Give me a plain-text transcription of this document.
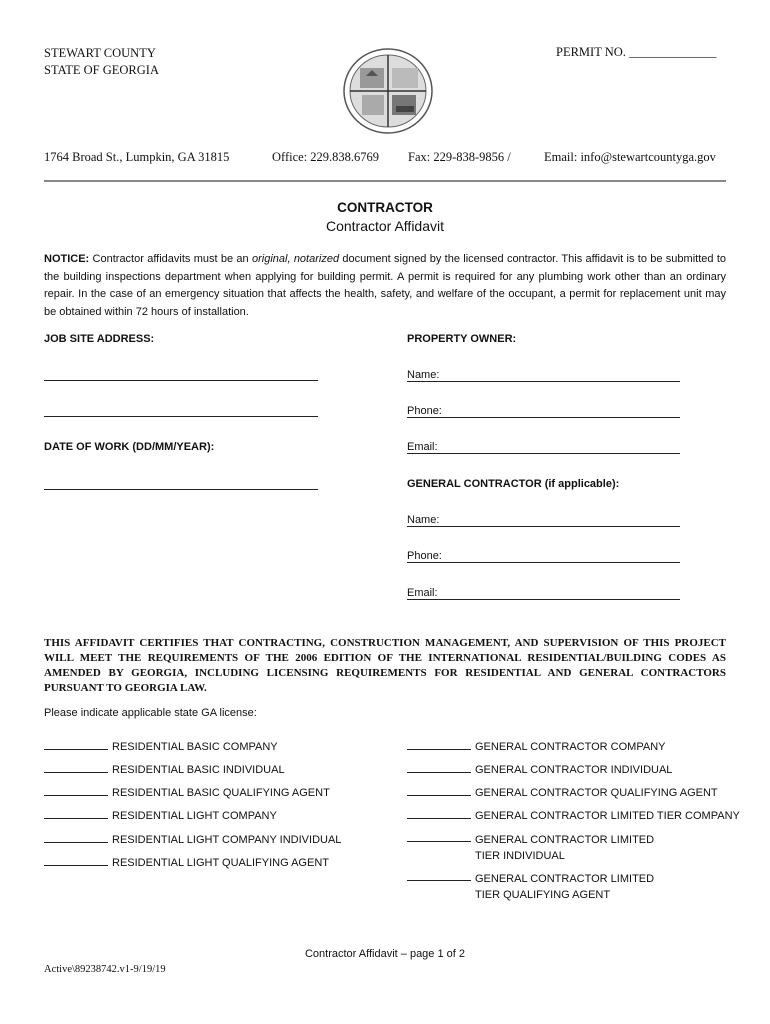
STEWART COUNTY
STATE OF GEORGIA
PERMIT NO. ______________
1764 Broad St., Lumpkin, GA 31815	Office: 229.838.6769 Fax: 229-838-9856 /	Email: info@stewartcountyga.gov
CONTRACTOR
Contractor Affidavit
NOTICE: Contractor affidavits must be an original, notarized document signed by the licensed contractor. This affidavit is to be submitted to the building inspections department when applying for building permit. A permit is required for any plumbing work other than an ordinary repair. In the case of an emergency situation that affects the health, safety, and welfare of the occupant, a permit for replacement unit may be obtained within 72 hours of installation.
JOB SITE ADDRESS:
DATE OF WORK (DD/MM/YEAR):
PROPERTY OWNER:
Name:
Phone:
Email:
GENERAL CONTRACTOR (if applicable):
Name:
Phone:
Email:
THIS AFFIDAVIT CERTIFIES THAT CONTRACTING, CONSTRUCTION MANAGEMENT, AND SUPERVISION OF THIS PROJECT WILL MEET THE REQUIREMENTS OF THE 2006 EDITION OF THE INTERNATIONAL RESIDENTIAL/BUILDING CODES AS AMENDED BY GEORGIA, INCLUDING LICENSING REQUIREMENTS FOR RESIDENTIAL AND GENERAL CONTRACTORS PURSUANT TO GEORGIA LAW.
Please indicate applicable state GA license:
RESIDENTIAL BASIC COMPANY
RESIDENTIAL BASIC INDIVIDUAL
RESIDENTIAL BASIC QUALIFYING AGENT
RESIDENTIAL LIGHT COMPANY
RESIDENTIAL LIGHT COMPANY INDIVIDUAL
RESIDENTIAL LIGHT QUALIFYING AGENT
GENERAL CONTRACTOR COMPANY
GENERAL CONTRACTOR INDIVIDUAL
GENERAL CONTRACTOR QUALIFYING AGENT
GENERAL CONTRACTOR LIMITED TIER COMPANY
GENERAL CONTRACTOR LIMITED TIER INDIVIDUAL
GENERAL CONTRACTOR LIMITED TIER QUALIFYING AGENT
Contractor Affidavit – page 1 of 2
Active\89238742.v1-9/19/19
